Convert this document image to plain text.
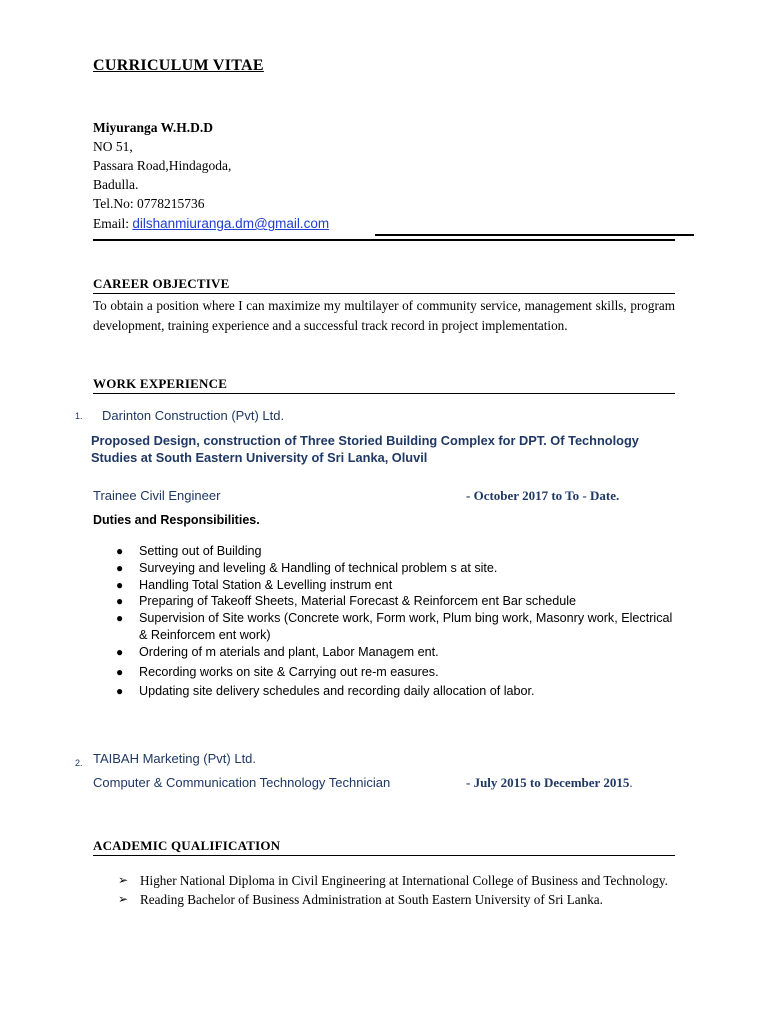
CURRICULUM VITAE
Miyuranga W.H.D.D
NO 51,
Passara Road,Hindagoda,
Badulla.
Tel.No: 0778215736
Email: dilshanmiuranga.dm@gmail.com
CAREER OBJECTIVE
To obtain a position where I can maximize my multilayer of community service, management skills, program development, training experience and a successful track record in project implementation.
WORK EXPERIENCE
1. Darinton Construction (Pvt) Ltd.
Proposed Design, construction of Three Storied Building Complex for DPT. Of Technology Studies at South Eastern University of Sri Lanka, Oluvil
Trainee Civil Engineer	- October 2017 to To - Date.
Duties and Responsibilities.
● Setting out of Building
● Surveying and leveling & Handling of technical problem s at site.
● Handling Total Station & Levelling instrum ent
● Preparing of Takeoff Sheets, Material Forecast & Reinforcem ent Bar schedule
● Supervision of Site works (Concrete work, Form work, Plum bing work, Masonry work, Electrical & Reinforcem ent work)
● Ordering of m aterials and plant, Labor Managem ent.
● Recording works on site & Carrying out re-m easures.
● Updating site delivery schedules and recording daily allocation of labor.
2. TAIBAH Marketing (Pvt) Ltd.
Computer & Communication Technology Technician	- July 2015 to December 2015.
ACADEMIC QUALIFICATION
➢ Higher National Diploma in Civil Engineering at International College of Business and Technology.
➢ Reading Bachelor of Business Administration at South Eastern University of Sri Lanka.
